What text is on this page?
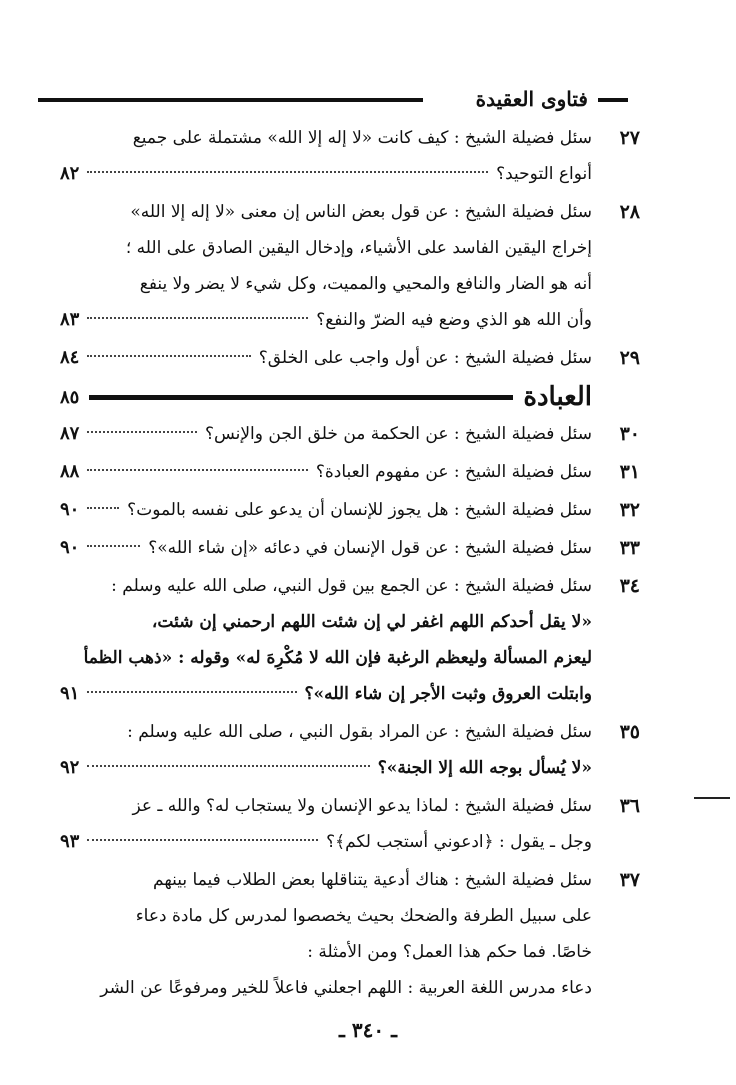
فتاوى العقيدة
٢٧
سئل فضيلة الشيخ : كيف كانت «لا إله إلا الله» مشتملة على جميع
أنواع التوحيد؟
٨٢
٢٨
سئل فضيلة الشيخ : عن قول بعض الناس إن معنى «لا إله إلا الله»
إخراج اليقين الفاسد على الأشياء، وإدخال اليقين الصادق على الله ؛
أنه هو الضار والنافع والمحيي والمميت، وكل شيء لا يضر ولا ينفع
وأن الله هو الذي وضع فيه الضرّ والنفع؟
٨٣
٢٩
سئل فضيلة الشيخ : عن أول واجب على الخلق؟
٨٤
العبادة
٨٥
٣٠
سئل فضيلة الشيخ : عن الحكمة من خلق الجن والإنس؟
٨٧
٣١
سئل فضيلة الشيخ : عن مفهوم العبادة؟
٨٨
٣٢
سئل فضيلة الشيخ : هل يجوز للإنسان أن يدعو على نفسه بالموت؟
٩٠
٣٣
سئل فضيلة الشيخ : عن قول الإنسان في دعائه «إن شاء الله»؟
٩٠
٣٤
سئل فضيلة الشيخ : عن الجمع بين قول النبي، صلى الله عليه وسلم :
«لا يقل أحدكم اللهم اغفر لي إن شئت اللهم ارحمني إن شئت،
ليعزم المسألة وليعظم الرغبة فإن الله لا مُكْرِهَ له» وقوله : «ذهب الظمأ
وابتلت العروق وثبت الأجر إن شاء الله»؟
٩١
٣٥
سئل فضيلة الشيخ : عن المراد بقول النبي ، صلى الله عليه وسلم :
«لا يُسأل بوجه الله إلا الجنة»؟
٩٢
٣٦
سئل فضيلة الشيخ : لماذا يدعو الإنسان ولا يستجاب له؟ والله ـ عز
وجل ـ يقول : ﴿ادعوني أستجب لكم﴾؟
٩٣
٣٧
سئل فضيلة الشيخ : هناك أدعية يتناقلها بعض الطلاب فيما بينهم
على سبيل الطرفة والضحك بحيث يخصصوا لمدرس كل مادة دعاء
خاصًا. فما حكم هذا العمل؟ ومن الأمثلة :
دعاء مدرس اللغة العربية : اللهم اجعلني فاعلاً للخير ومرفوعًا عن الشر
ـ ٣٤٠ ـ
